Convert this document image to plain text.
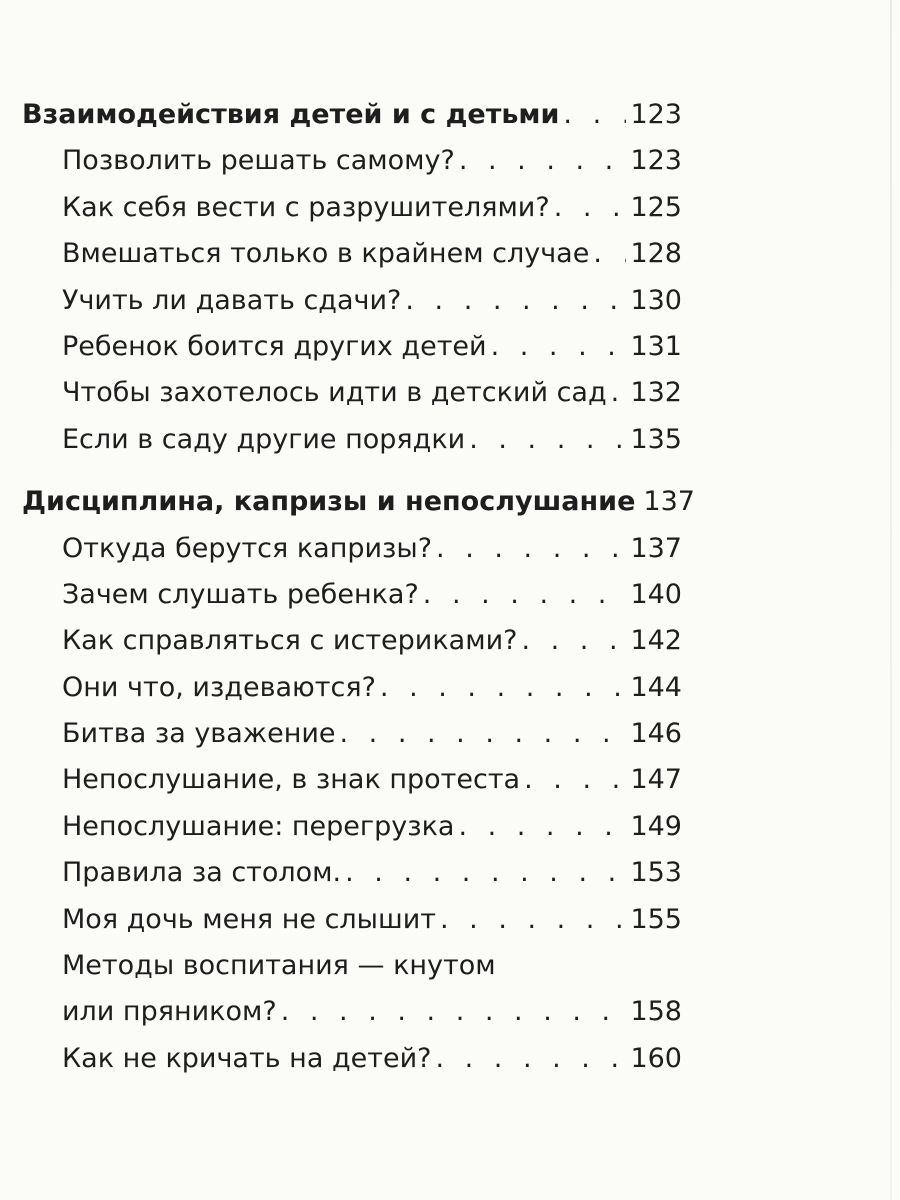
Взаимодействия детей и с детьми . . .	123
Позволить решать самому? . . .	123
Как себя вести с разрушителями? . . .	125
Вмешаться только в крайнем случае . . . 128
Учить ли давать сдачи? . . .	130
Ребенок боится других детей . . .	131
Чтобы захотелось идти в детский сад . . . 132
Если в саду другие порядки . . .	135
Дисциплина, капризы и непослушание 137
Откуда берутся капризы? . . .	137
Зачем слушать ребенка? . . .	140
Как справляться с истериками? . . .	142
Они что, издеваются? . . .	144
Битва за уважение . . .	146
Непослушание, в знак протеста . . .	147
Непослушание: перегрузка . . .	149
Правила за столом. . . .	153
Моя дочь меня не слышит . . .	155
Методы воспитания — кнутом
или пряником? . . .	158
Как не кричать на детей? . . .	160
